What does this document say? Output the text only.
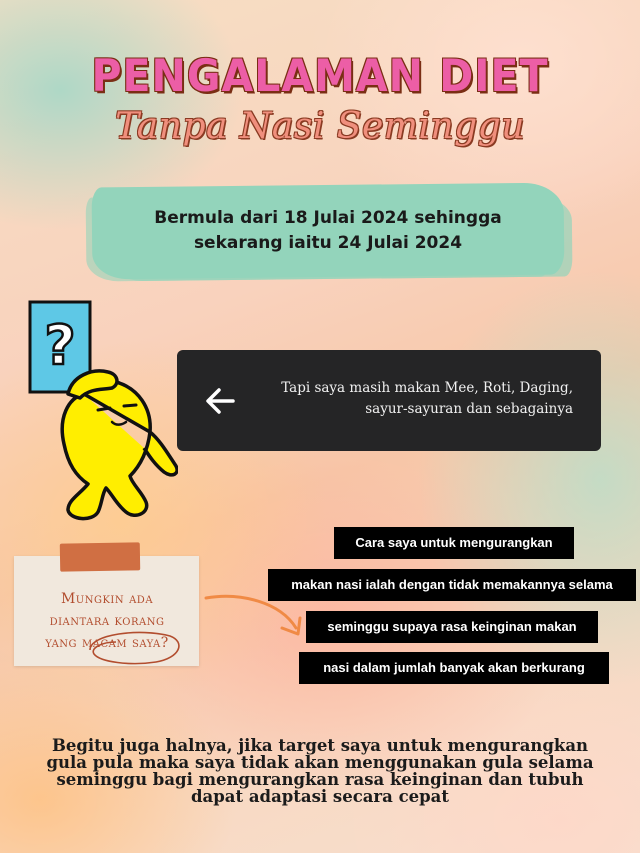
PENGALAMAN DIET
Tanpa Nasi Seminggu
Bermula dari 18 Julai 2024 sehingga
sekarang iaitu 24 Julai 2024
?
Tapi saya masih makan Mee, Roti, Daging,
sayur-sayuran dan sebagainya
Mungkin ada
diantara korang
yang macam saya?
Cara saya untuk mengurangkan
makan nasi ialah dengan tidak memakannya selama
seminggu supaya rasa keinginan makan
nasi dalam jumlah banyak akan berkurang
Begitu juga halnya, jika target saya untuk mengurangkan
gula pula maka saya tidak akan menggunakan gula selama
seminggu bagi mengurangkan rasa keinginan dan tubuh
dapat adaptasi secara cepat
